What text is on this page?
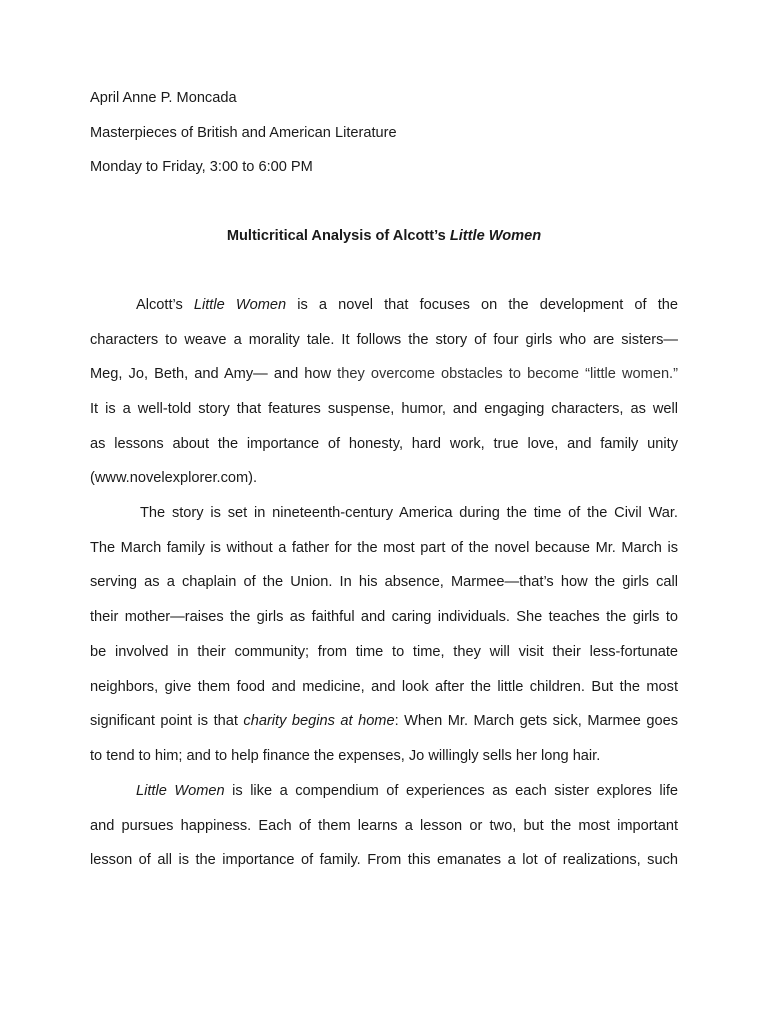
April Anne P. Moncada

Masterpieces of British and American Literature

Monday to Friday, 3:00 to 6:00 PM

Multicritical Analysis of Alcott’s Little Women

Alcott’s Little Women is a novel that focuses on the development of the

characters to weave a morality tale. It follows the story of four girls who are sisters—

Meg, Jo, Beth, and Amy— and how they overcome obstacles to become “little women.”

It is a well-told story that features suspense, humor, and engaging characters, as well

as lessons about the importance of honesty, hard work, true love, and family unity

(www.novelexplorer.com).

The story is set in nineteenth-century America during the time of the Civil War.

The March family is without a father for the most part of the novel because Mr. March is

serving as a chaplain of the Union. In his absence, Marmee—that’s how the girls call

their mother—raises the girls as faithful and caring individuals. She teaches the girls to

be involved in their community; from time to time, they will visit their less-fortunate

neighbors, give them food and medicine, and look after the little children. But the most

significant point is that charity begins at home: When Mr. March gets sick, Marmee goes

to tend to him; and to help finance the expenses, Jo willingly sells her long hair.

Little Women is like a compendium of experiences as each sister explores life

and pursues happiness. Each of them learns a lesson or two, but the most important

lesson of all is the importance of family. From this emanates a lot of realizations, such
